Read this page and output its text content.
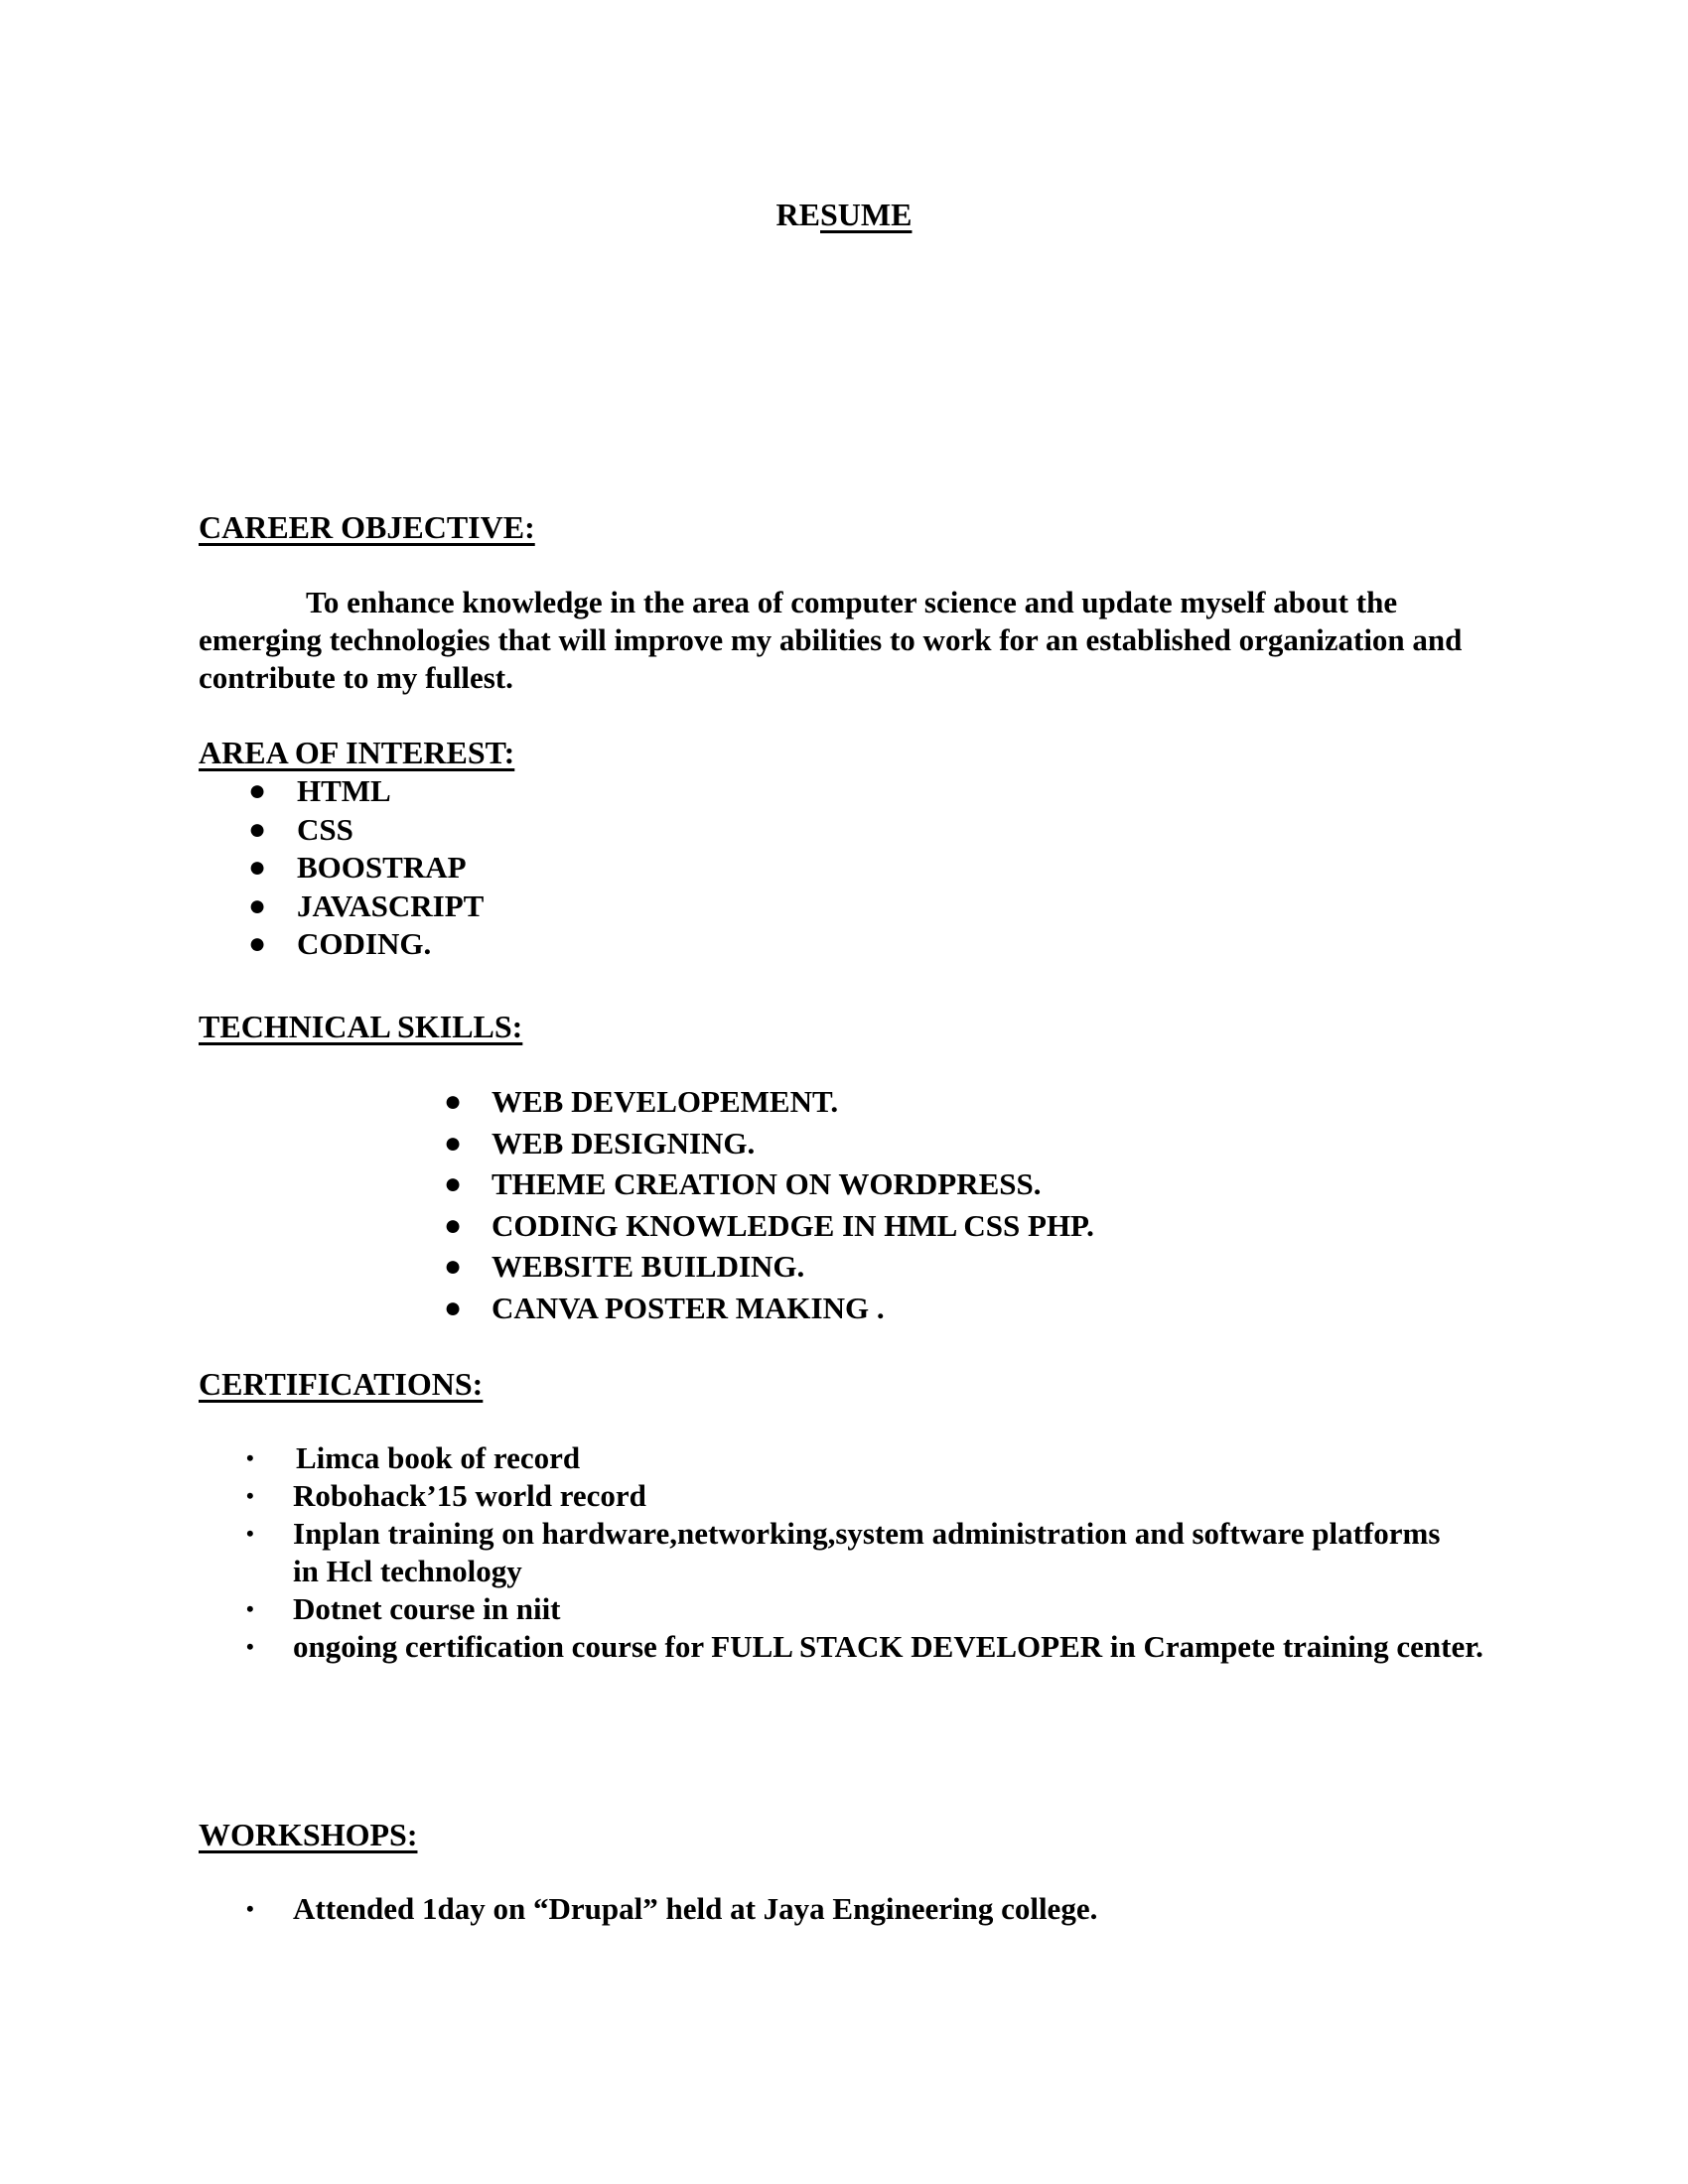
RESUME
CAREER OBJECTIVE:
To enhance knowledge in the area of computer science and update myself about the emerging technologies that will improve my abilities to work for an established organization and contribute to my fullest.
AREA OF INTEREST:
● HTML
● CSS
● BOOSTRAP
● JAVASCRIPT
● CODING.
TECHNICAL SKILLS:
● WEB DEVELOPEMENT.
● WEB DESIGNING.
● THEME CREATION ON WORDPRESS.
● CODING KNOWLEDGE IN HML CSS PHP.
● WEBSITE BUILDING.
● CANVA POSTER MAKING .
CERTIFICATIONS:
•	Limca book of record
•	Robohack’15 world record
•	Inplan training on hardware,networking,system administration and software platforms in Hcl technology
•	Dotnet course in niit
•	ongoing certification course for FULL STACK DEVELOPER in Crampete training center.
WORKSHOPS:
•	Attended 1day on “Drupal” held at Jaya Engineering college.
